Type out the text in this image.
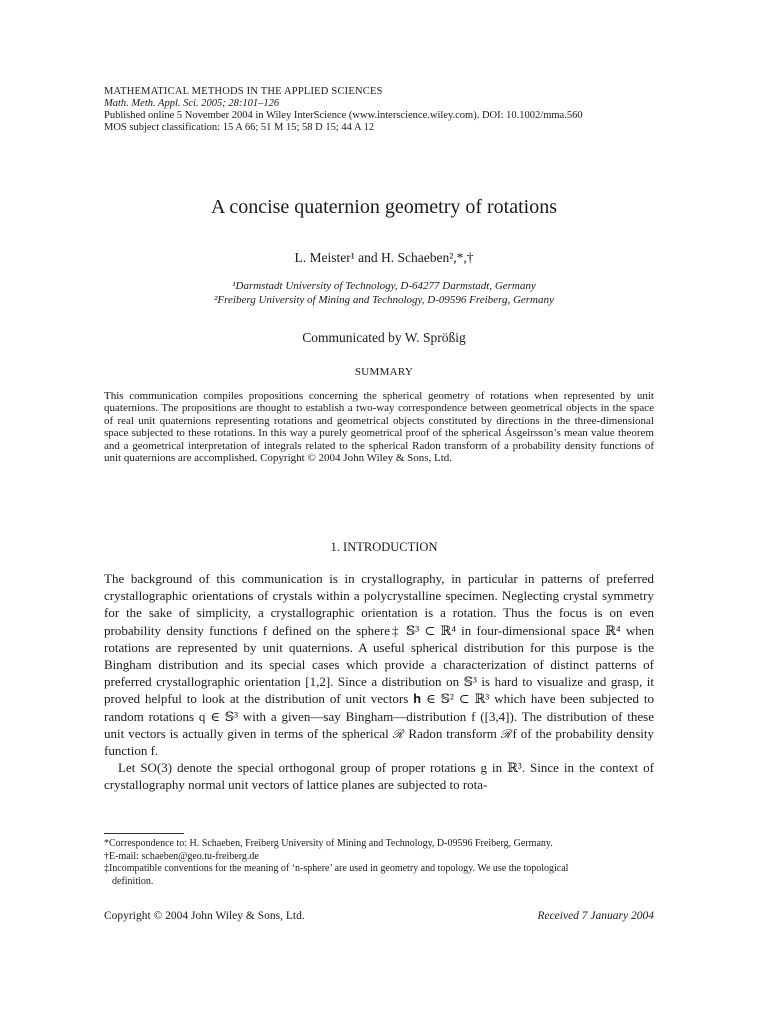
MATHEMATICAL METHODS IN THE APPLIED SCIENCES
Math. Meth. Appl. Sci. 2005; 28:101–126
Published online 5 November 2004 in Wiley InterScience (www.interscience.wiley.com). DOI: 10.1002/mma.560
MOS subject classification: 15 A 66; 51 M 15; 58 D 15; 44 A 12
A concise quaternion geometry of rotations
L. Meister¹ and H. Schaeben²,*,†
¹Darmstadt University of Technology, D-64277 Darmstadt, Germany
²Freiberg University of Mining and Technology, D-09596 Freiberg, Germany
Communicated by W. Sprößig
SUMMARY
This communication compiles propositions concerning the spherical geometry of rotations when represented by unit quaternions. The propositions are thought to establish a two-way correspondence between geometrical objects in the space of real unit quaternions representing rotations and geometrical objects constituted by directions in the three-dimensional space subjected to these rotations. In this way a purely geometrical proof of the spherical Ásgeirsson’s mean value theorem and a geometrical interpretation of integrals related to the spherical Radon transform of a probability density functions of unit quaternions are accomplished. Copyright © 2004 John Wiley & Sons, Ltd.
1. INTRODUCTION

The background of this communication is in crystallography, in particular in patterns of preferred crystallographic orientations of crystals within a polycrystalline specimen. Neglecting crystal symmetry for the sake of simplicity, a crystallographic orientation is a rotation. Thus the focus is on even probability density functions f defined on the sphere‡ 𝕊³ ⊂ ℝ⁴ in four-dimensional space ℝ⁴ when rotations are represented by unit quaternions. A useful spherical distribution for this purpose is the Bingham distribution and its special cases which provide a characterization of distinct patterns of preferred crystallographic orientation [1,2]. Since a distribution on 𝕊³ is hard to visualize and grasp, it proved helpful to look at the distribution of unit vectors 𝐡 ∈ 𝕊² ⊂ ℝ³ which have been subjected to random rotations q ∈ 𝕊³ with a given—say Bingham—distribution f ([3,4]). The distribution of these unit vectors is actually given in terms of the spherical ℛ Radon transform ℛf of the probability density function f.

Let SO(3) denote the special orthogonal group of proper rotations g in ℝ³. Since in the context of crystallography normal unit vectors of lattice planes are subjected to rota-

*Correspondence to: H. Schaeben, Freiberg University of Mining and Technology, D-09596 Freiberg, Germany.
†E-mail: schaeben@geo.tu-freiberg.de
‡Incompatible conventions for the meaning of ‘n-sphere’ are used in geometry and topology. We use the topological
definition.
Copyright © 2004 John Wiley & Sons, Ltd.	Received 7 January 2004
